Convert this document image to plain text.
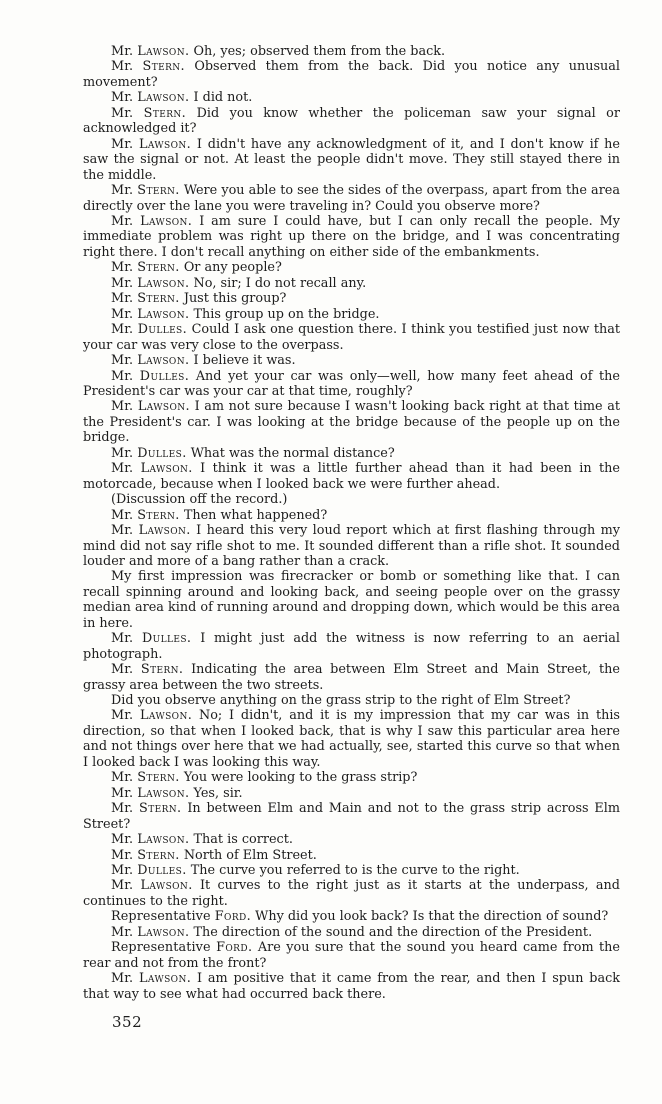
Mr. Lawson. Oh, yes; observed them from the back.

Mr. Stern. Observed them from the back. Did you notice any unusual movement?

Mr. Lawson. I did not.

Mr. Stern. Did you know whether the policeman saw your signal or acknowledged it?

Mr. Lawson. I didn't have any acknowledgment of it, and I don't know if he saw the signal or not. At least the people didn't move. They still stayed there in the middle.

Mr. Stern. Were you able to see the sides of the overpass, apart from the area directly over the lane you were traveling in? Could you observe more?

Mr. Lawson. I am sure I could have, but I can only recall the people. My immediate problem was right up there on the bridge, and I was concentrating right there. I don't recall anything on either side of the embankments.

Mr. Stern. Or any people?

Mr. Lawson. No, sir; I do not recall any.

Mr. Stern. Just this group?

Mr. Lawson. This group up on the bridge.

Mr. Dulles. Could I ask one question there. I think you testified just now that your car was very close to the overpass.

Mr. Lawson. I believe it was.

Mr. Dulles. And yet your car was only—well, how many feet ahead of the President's car was your car at that time, roughly?

Mr. Lawson. I am not sure because I wasn't looking back right at that time at the President's car. I was looking at the bridge because of the people up on the bridge.

Mr. Dulles. What was the normal distance?

Mr. Lawson. I think it was a little further ahead than it had been in the motorcade, because when I looked back we were further ahead.

(Discussion off the record.)

Mr. Stern. Then what happened?

Mr. Lawson. I heard this very loud report which at first flashing through my mind did not say rifle shot to me. It sounded different than a rifle shot. It sounded louder and more of a bang rather than a crack.

My first impression was firecracker or bomb or something like that. I can recall spinning around and looking back, and seeing people over on the grassy median area kind of running around and dropping down, which would be this area in here.

Mr. Dulles. I might just add the witness is now referring to an aerial photograph.

Mr. Stern. Indicating the area between Elm Street and Main Street, the grassy area between the two streets.

Did you observe anything on the grass strip to the right of Elm Street?

Mr. Lawson. No; I didn't, and it is my impression that my car was in this direction, so that when I looked back, that is why I saw this particular area here and not things over here that we had actually, see, started this curve so that when I looked back I was looking this way.

Mr. Stern. You were looking to the grass strip?

Mr. Lawson. Yes, sir.

Mr. Stern. In between Elm and Main and not to the grass strip across Elm Street?

Mr. Lawson. That is correct.

Mr. Stern. North of Elm Street.

Mr. Dulles. The curve you referred to is the curve to the right.

Mr. Lawson. It curves to the right just as it starts at the underpass, and continues to the right.

Representative Ford. Why did you look back? Is that the direction of sound?

Mr. Lawson. The direction of the sound and the direction of the President.

Representative Ford. Are you sure that the sound you heard came from the rear and not from the front?

Mr. Lawson. I am positive that it came from the rear, and then I spun back that way to see what had occurred back there.

352
